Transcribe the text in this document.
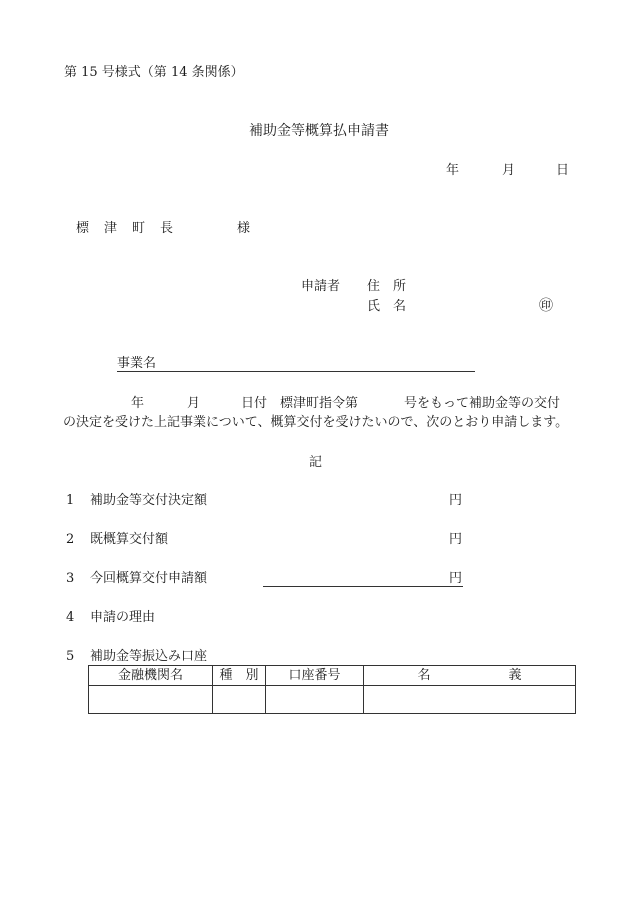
第 15 号様式（第 14 条関係）
補助金等概算払申請書
年	月	日
標　津　町　長	様
申請者 住　所
氏　名	㊞
事業名
年	月	日付　標津町指令第	号をもって補助金等の交付
の決定を受けた上記事業について、概算交付を受けたいので、次のとおり申請します。
記
1 補助金等交付決定額	円
2 既概算交付額	円
3 今回概算交付申請額	円
4 申請の理由
5 補助金等振込み口座
金融機関名	種　別	口座番号	名　　　　　　義
